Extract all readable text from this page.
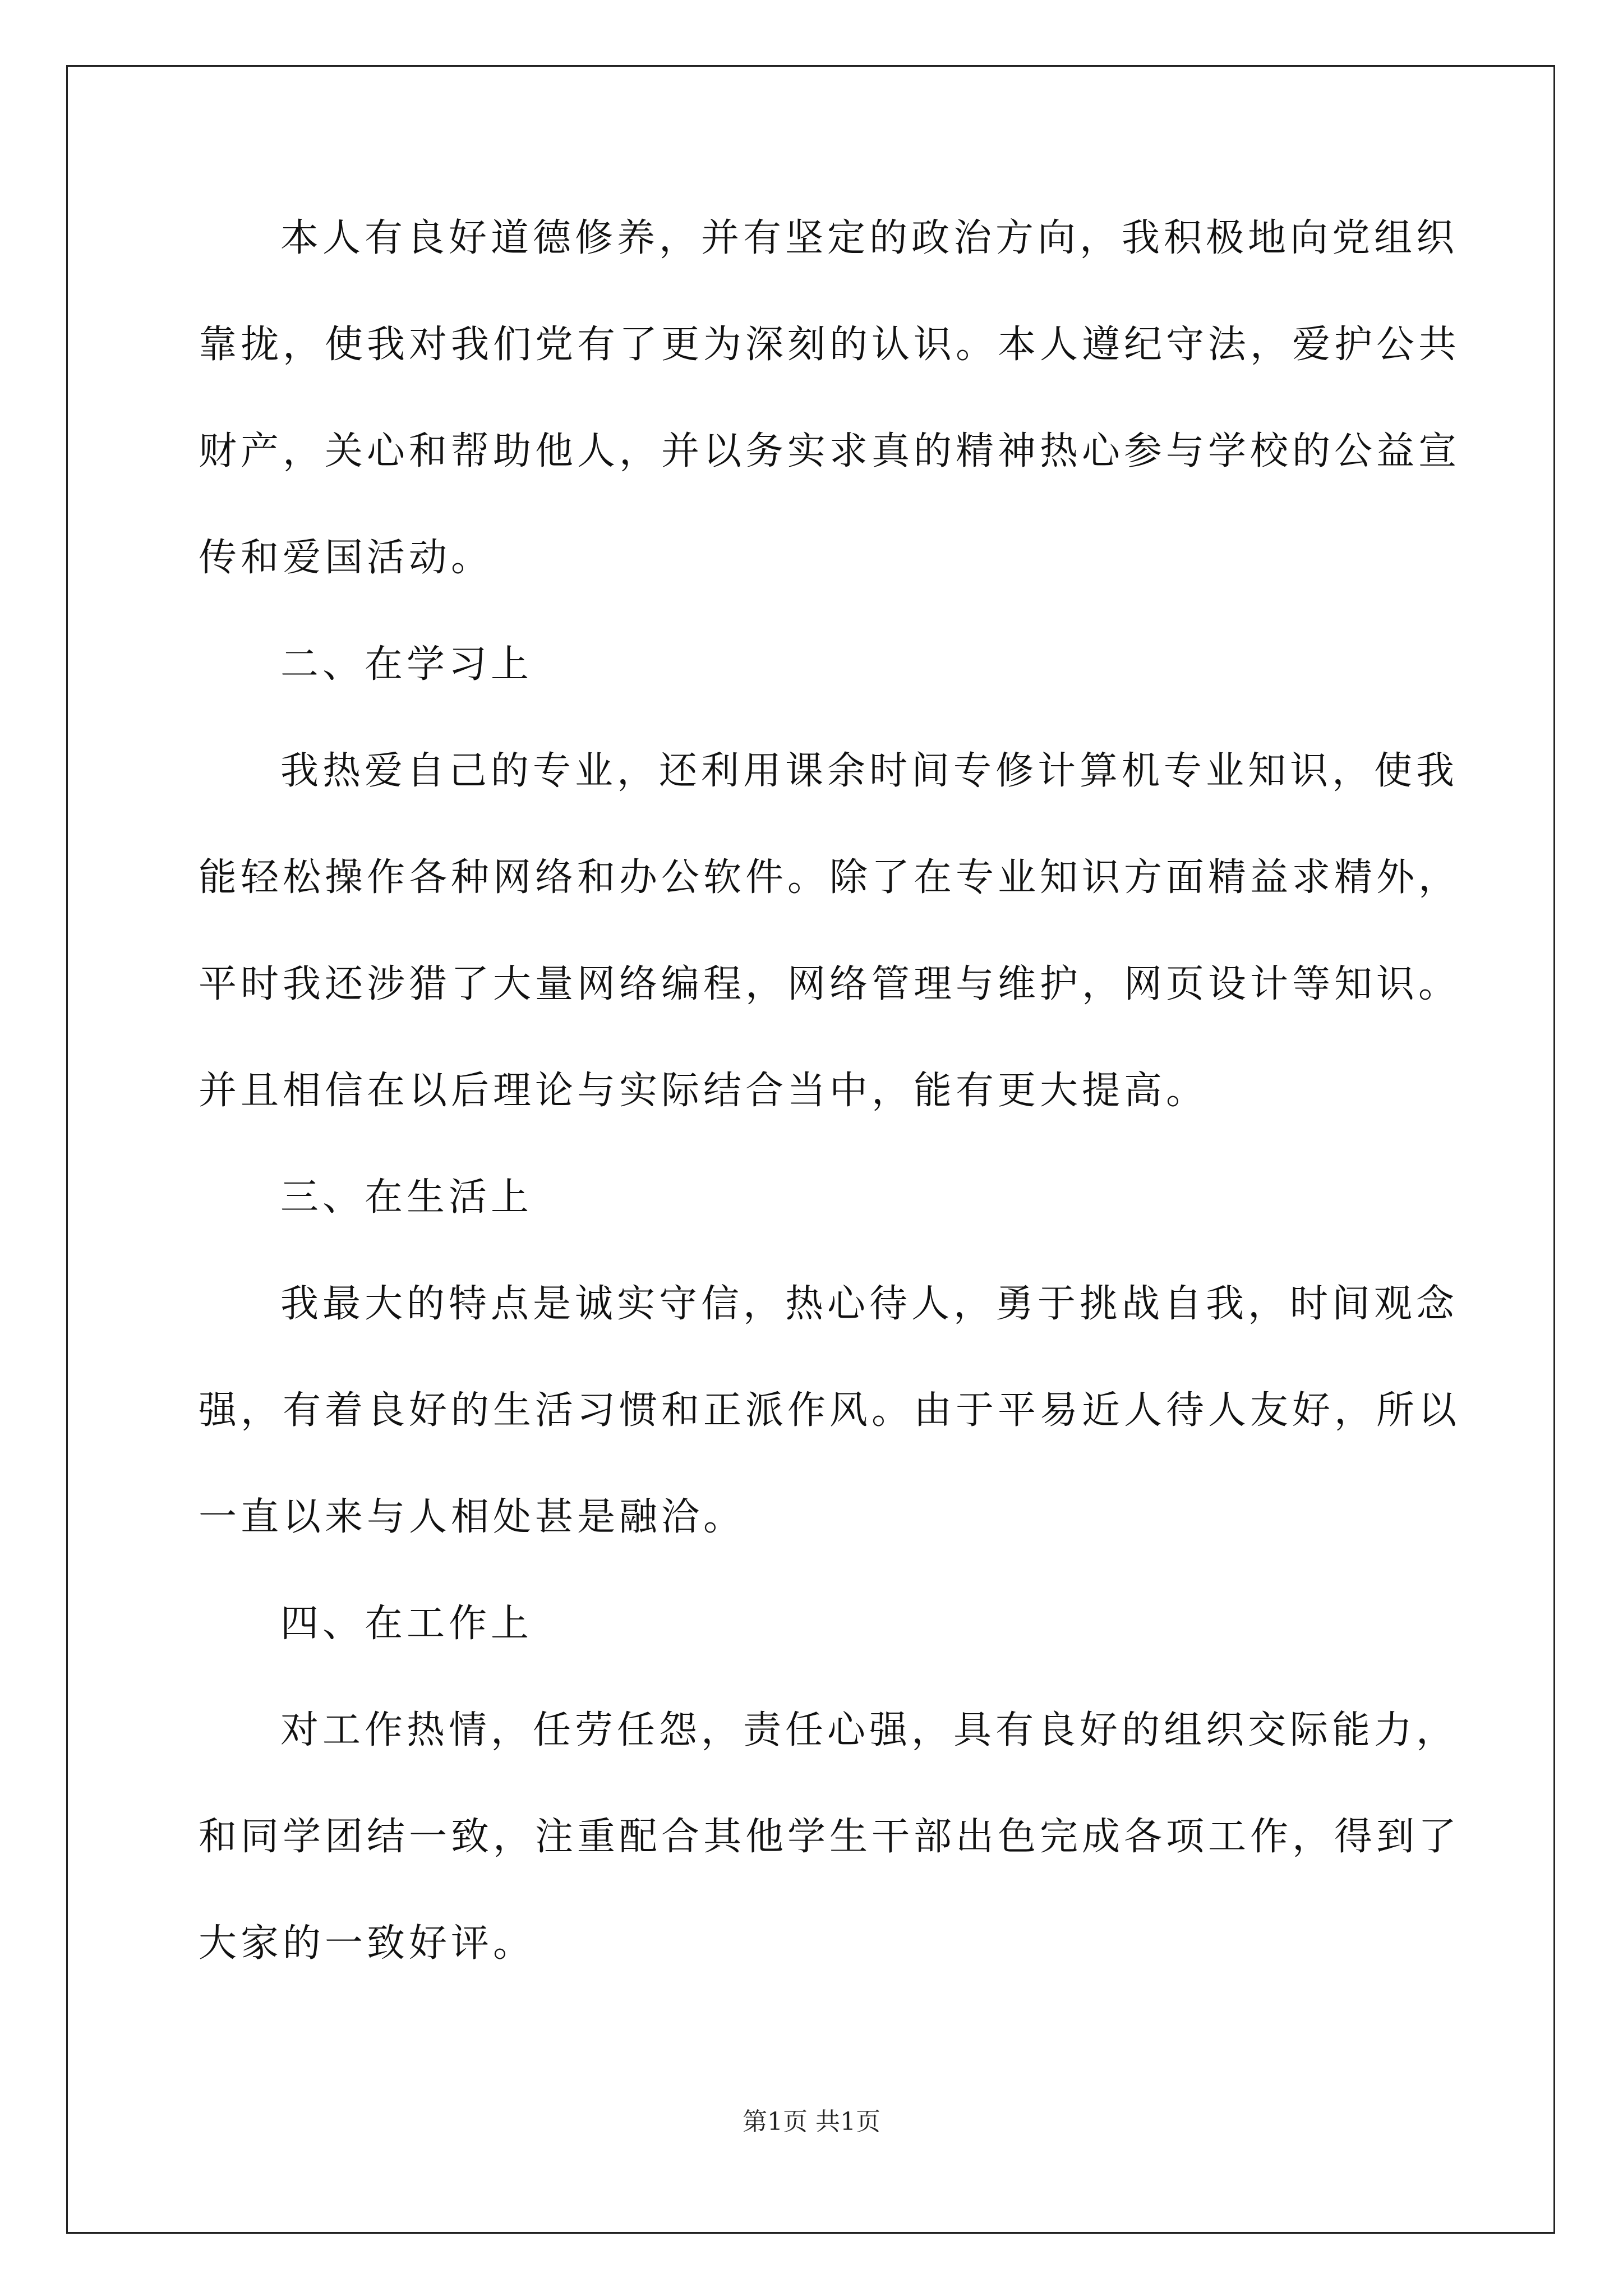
本人有良好道德修养，并有坚定的政治方向，我积极地向党组织
靠拢，使我对我们党有了更为深刻的认识。本人遵纪守法，爱护公共
财产，关心和帮助他人，并以务实求真的精神热心参与学校的公益宣
传和爱国活动。
二、在学习上
我热爱自己的专业，还利用课余时间专修计算机专业知识，使我
能轻松操作各种网络和办公软件。除了在专业知识方面精益求精外，
平时我还涉猎了大量网络编程，网络管理与维护，网页设计等知识。
并且相信在以后理论与实际结合当中，能有更大提高。
三、在生活上
我最大的特点是诚实守信，热心待人，勇于挑战自我，时间观念
强，有着良好的生活习惯和正派作风。由于平易近人待人友好，所以
一直以来与人相处甚是融洽。
四、在工作上
对工作热情，任劳任怨，责任心强，具有良好的组织交际能力，
和同学团结一致，注重配合其他学生干部出色完成各项工作，得到了
大家的一致好评。
第1页 共1页
